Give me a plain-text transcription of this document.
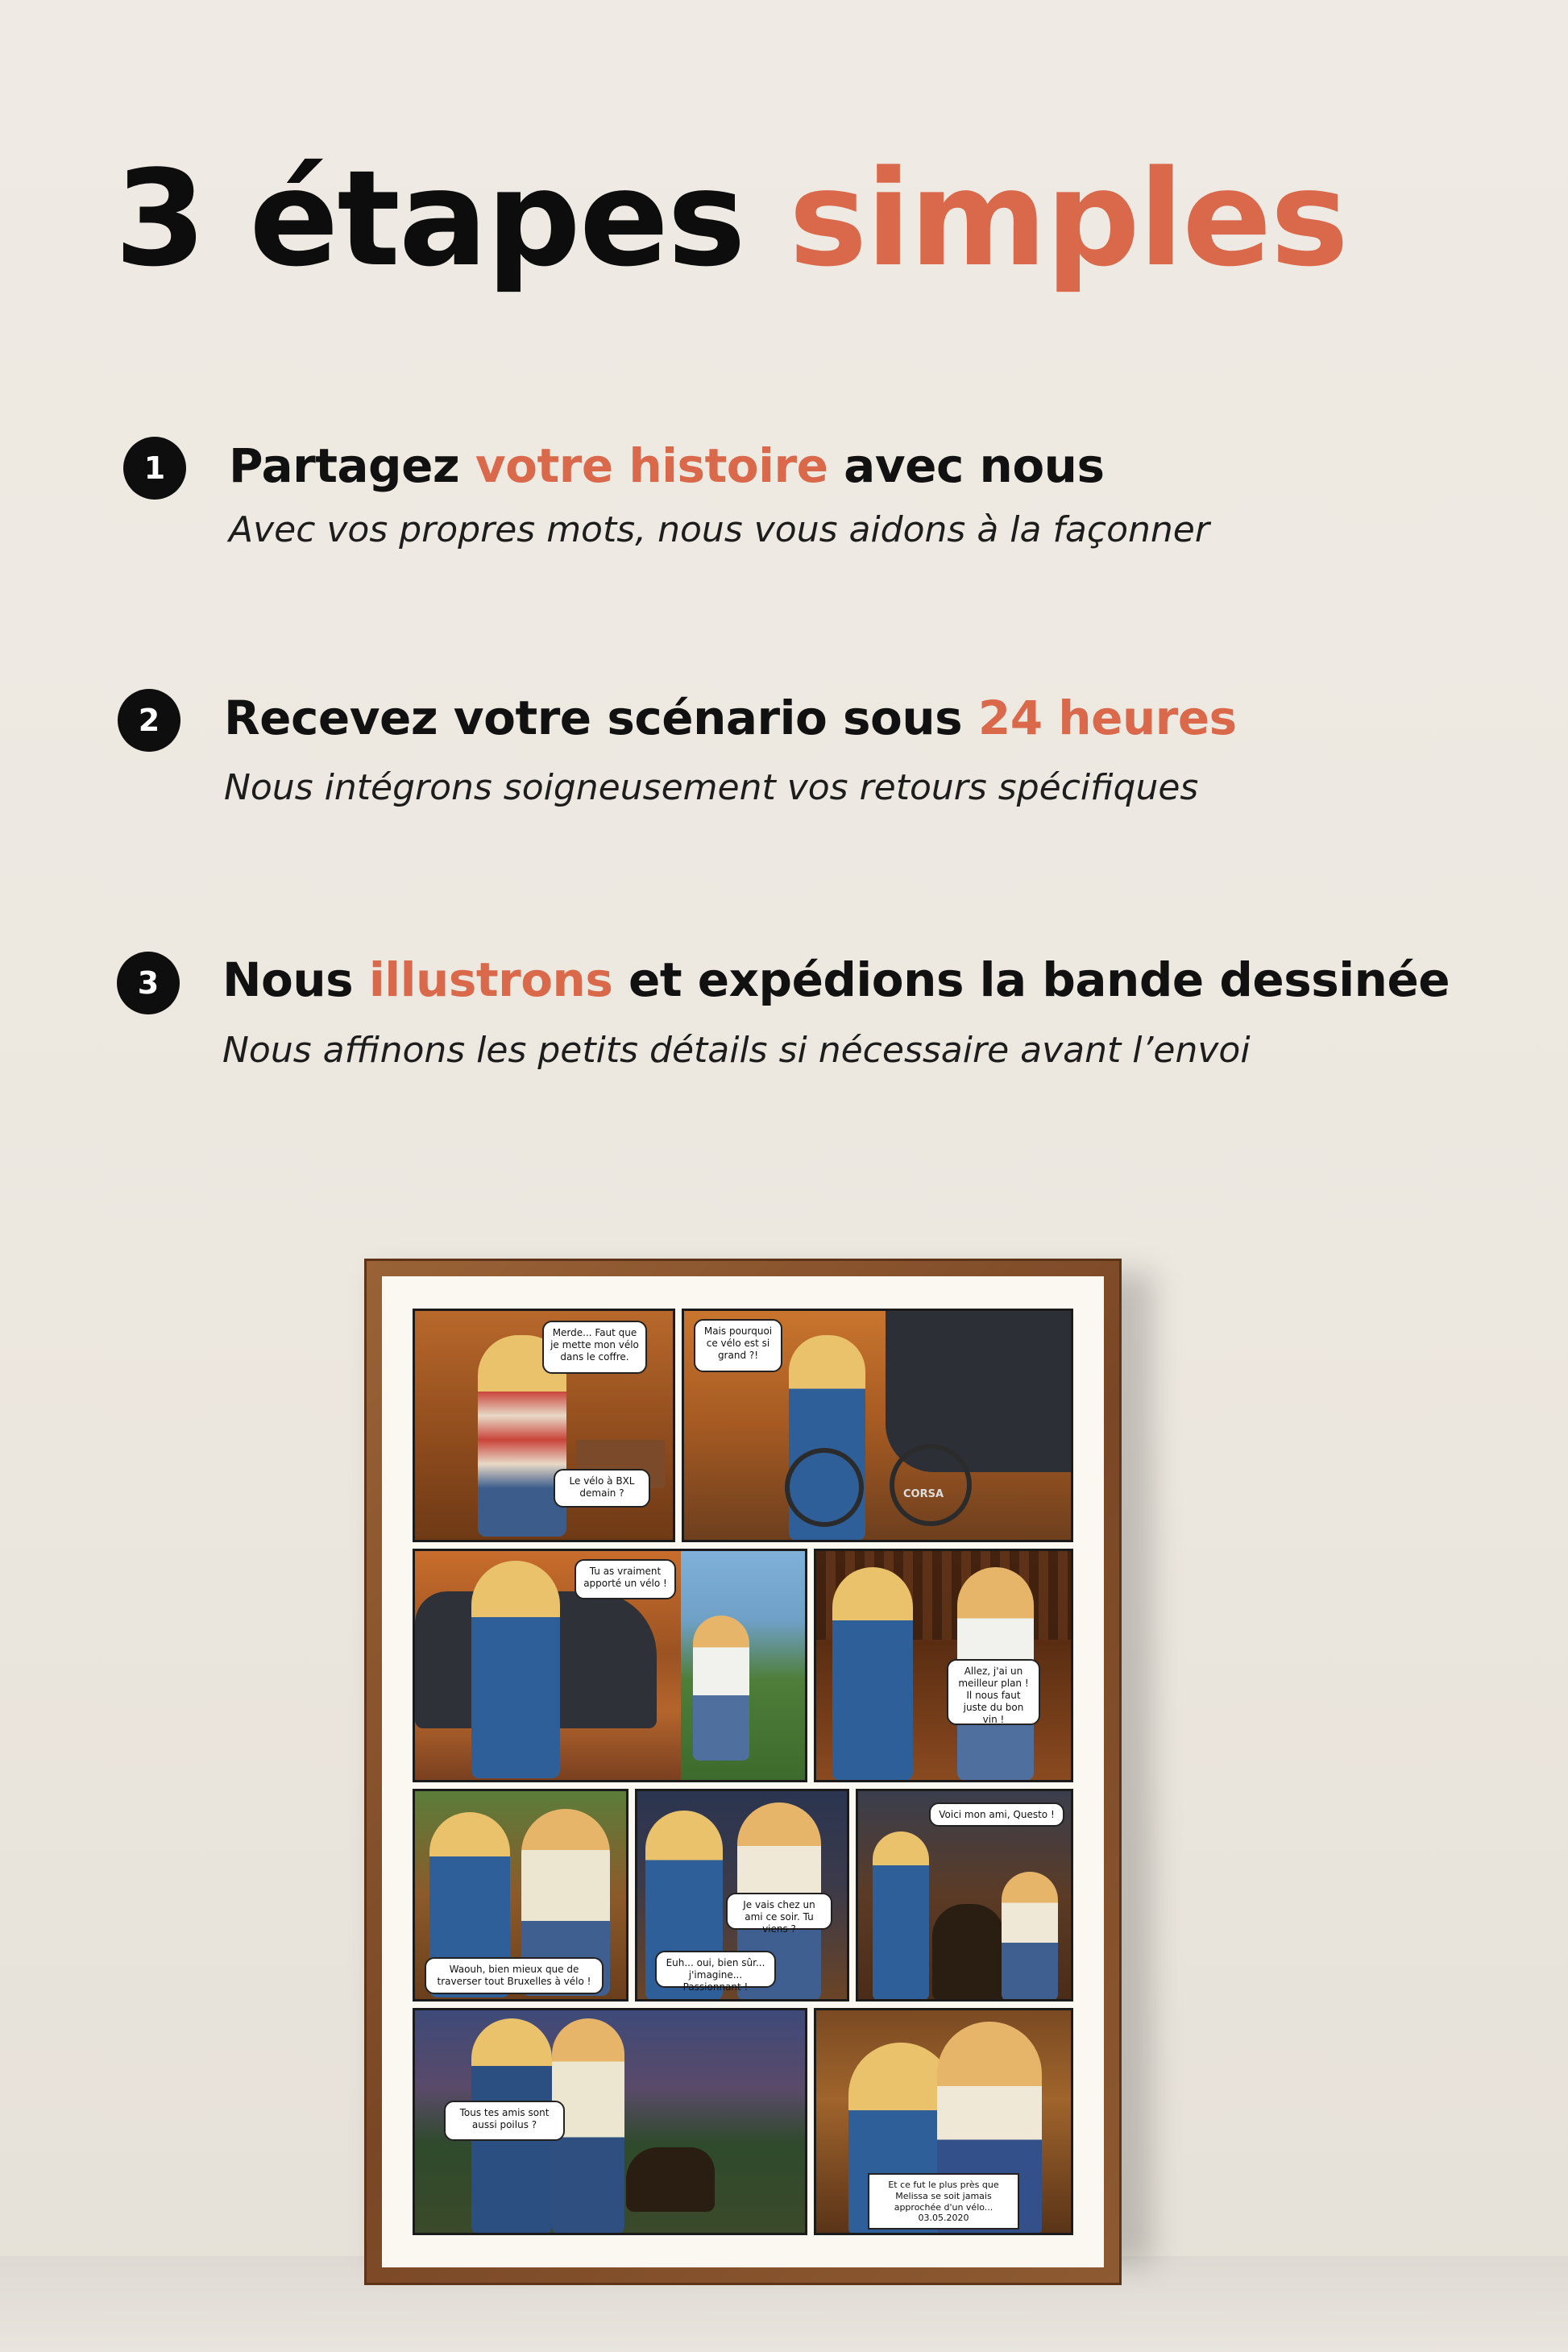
3 étapes simples
1	Partagez votre histoire avec nous

Avec vos propres mots, nous vous aidons à la façonner

2	Recevez votre scénario sous 24 heures

Nous intégrons soigneusement vos retours spécifiques

3	Nous illustrons et expédions la bande dessinée

Nous affinons les petits détails si nécessaire avant l’envoi

Merde... Faut que je mette mon vélo dans le coffre.
Le vélo à BXL demain ?
Mais pourquoi ce vélo est si grand ?!
CORSA
Tu as vraiment apporté un vélo !
Allez, j'ai un meilleur plan ! Il nous faut juste du bon vin !
Waouh, bien mieux que de traverser tout Bruxelles à vélo !
Je vais chez un ami ce soir. Tu viens ?
Euh... oui, bien sûr... j'imagine... Passionnant !
Voici mon ami, Questo !
Tous tes amis sont aussi poilus ?
Et ce fut le plus près que Melissa se soit jamais approchée d'un vélo...
03.05.2020
